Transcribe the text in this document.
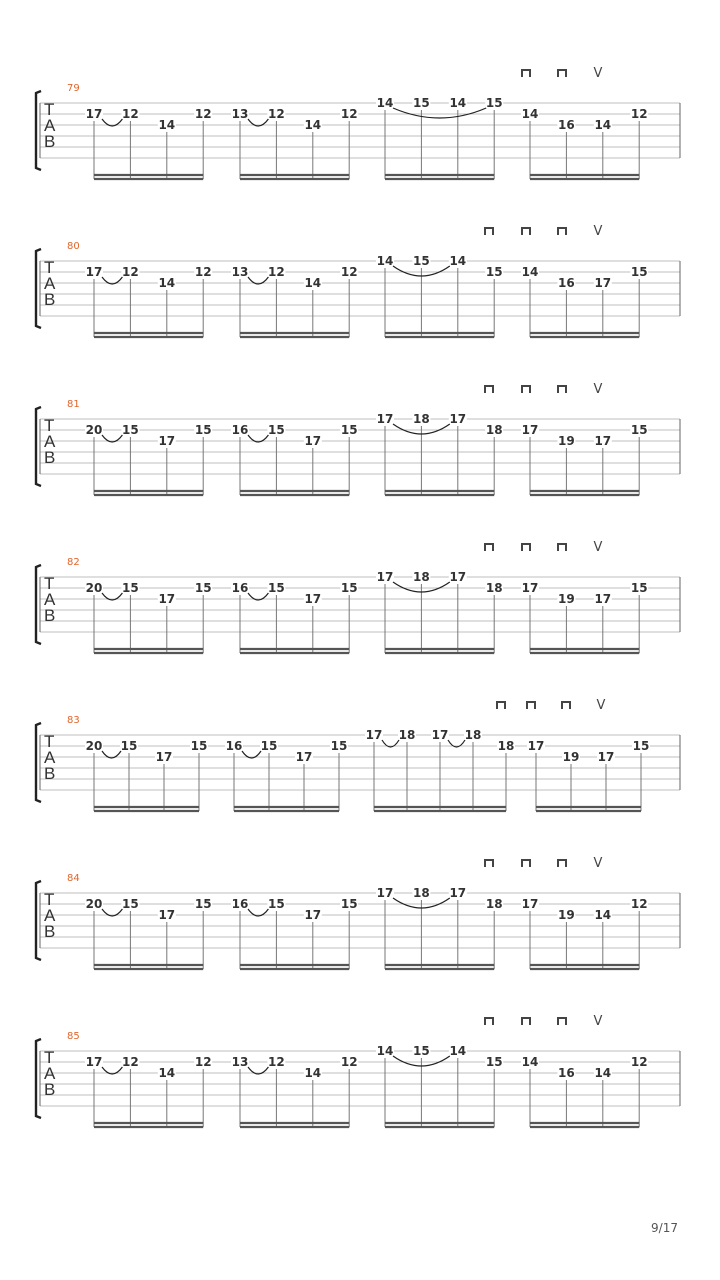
79
T
A
B
V
17 12
14
12 13 12
14
12
14 15 14 15
14
16 14
12
80
T
A
B
V
17 12
14
12 13 12
14
12
14 15 14
15 14
16 17
15
81
T
A
B
V
20 15
17
15 16 15
17
15
17 18 17
18 17
19 17
15
82
T
A
B
V
20 15
17
15 16 15
17
15
17 18 17
18 17
19 17
15
83
T
A
B
V
20 15
17
15 16 15
17
15
17 18 17 18
18 17
19 17
15
84
T
A
B
V
20 15
17
15 16 15
17
15
17 18 17
18 17
19 14
12
85
T
A
B
V
17 12
14
12 13 12
14
12
14 15 14
15 14
16 14
12
9/17
